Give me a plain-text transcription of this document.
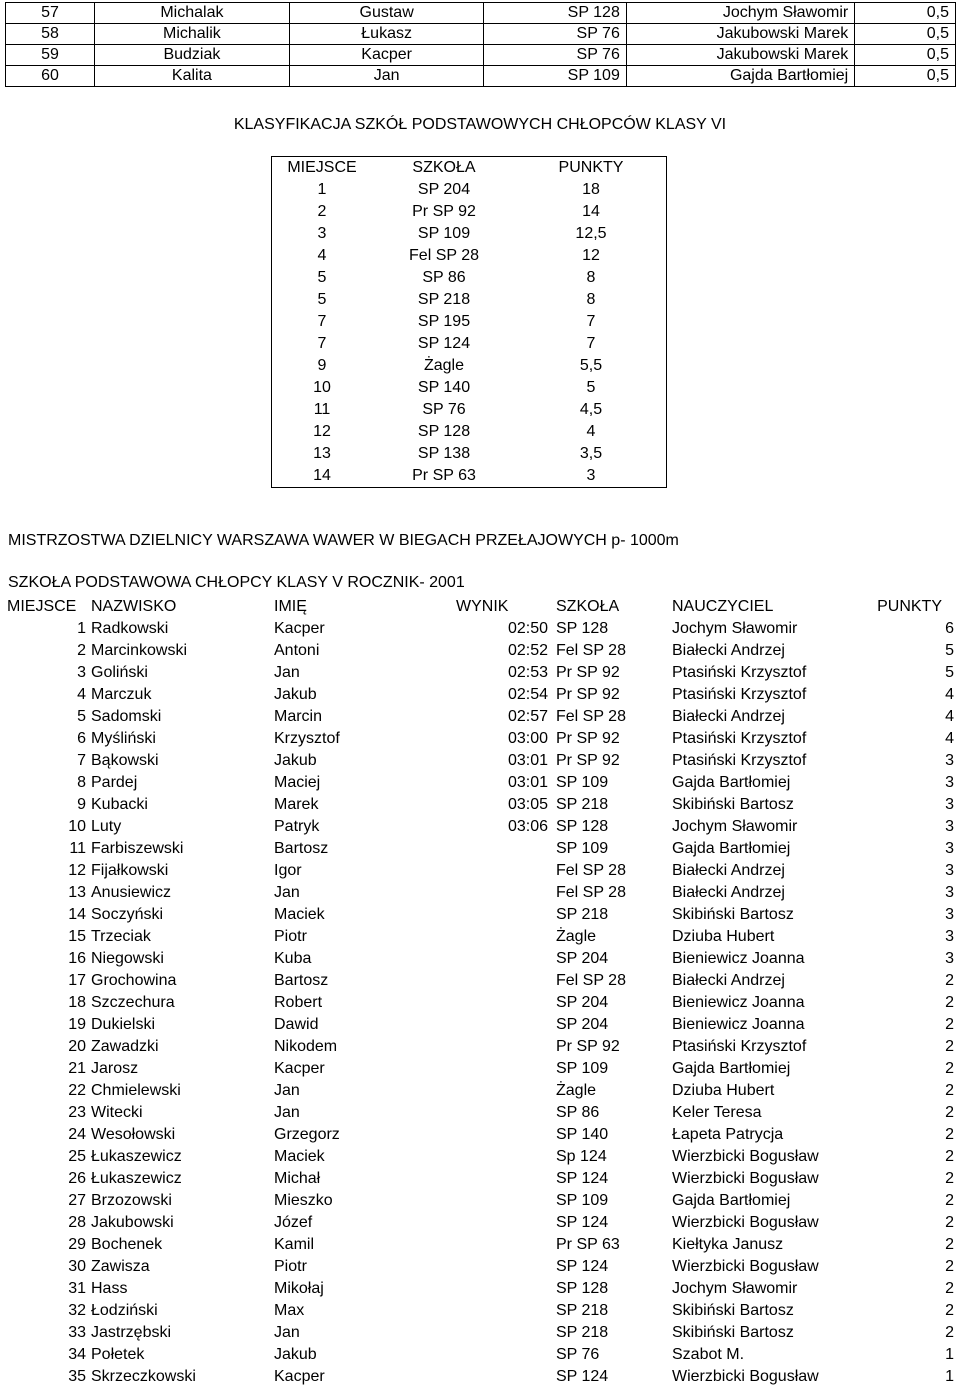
57	Michalak	Gustaw	SP 128	Jochym Sławomir	0,5
58	Michalik	Łukasz	SP 76	Jakubowski Marek	0,5
59	Budziak	Kacper	SP 76	Jakubowski Marek	0,5
60	Kalita	Jan	SP 109	Gajda Bartłomiej	0,5
KLASYFIKACJA SZKÓŁ PODSTAWOWYCH CHŁOPCÓW KLASY VI
MIEJSCE	SZKOŁA	PUNKTY
1	SP 204	18
2	Pr SP 92	14
3	SP 109	12,5
4	Fel SP 28	12
5	SP 86	8
5	SP 218	8
7	SP 195	7
7	SP 124	7
9	Żagle	5,5
10	SP 140	5
11	SP 76	4,5
12	SP 128	4
13	SP 138	3,5
14	Pr SP 63	3
MISTRZOSTWA DZIELNICY WARSZAWA WAWER W BIEGACH PRZEŁAJOWYCH p- 1000m
SZKOŁA PODSTAWOWA CHŁOPCY KLASY V ROCZNIK- 2001
MIEJSCE NAZWISKO	IMIĘ	WYNIK	SZKOŁA	NAUCZYCIEL	PUNKTY
1 Radkowski	Kacper	02:50 SP 128	Jochym Sławomir	6
2 Marcinkowski	Antoni	02:52 Fel SP 28	Białecki Andrzej	5
3 Goliński	Jan	02:53 Pr SP 92	Ptasiński Krzysztof	5
4 Marczuk	Jakub	02:54 Pr SP 92	Ptasiński Krzysztof	4
5 Sadomski	Marcin	02:57 Fel SP 28	Białecki Andrzej	4
6 Myśliński	Krzysztof	03:00 Pr SP 92	Ptasiński Krzysztof	4
7 Bąkowski	Jakub	03:01 Pr SP 92	Ptasiński Krzysztof	3
8 Pardej	Maciej	03:01 SP 109	Gajda Bartłomiej	3
9 Kubacki	Marek	03:05 SP 218	Skibiński Bartosz	3
10 Luty	Patryk	03:06 SP 128	Jochym Sławomir	3
11 Farbiszewski	Bartosz	SP 109	Gajda Bartłomiej	3
12 Fijałkowski	Igor	Fel SP 28	Białecki Andrzej	3
13 Anusiewicz	Jan	Fel SP 28	Białecki Andrzej	3
14 Soczyński	Maciek	SP 218	Skibiński Bartosz	3
15 Trzeciak	Piotr	Żagle	Dziuba Hubert	3
16 Niegowski	Kuba	SP 204	Bieniewicz Joanna	3
17 Grochowina	Bartosz	Fel SP 28	Białecki Andrzej	2
18 Szczechura	Robert	SP 204	Bieniewicz Joanna	2
19 Dukielski	Dawid	SP 204	Bieniewicz Joanna	2
20 Zawadzki	Nikodem	Pr SP 92	Ptasiński Krzysztof	2
21 Jarosz	Kacper	SP 109	Gajda Bartłomiej	2
22 Chmielewski	Jan	Żagle	Dziuba Hubert	2
23 Witecki	Jan	SP 86	Keler Teresa	2
24 Wesołowski	Grzegorz	SP 140	Łapeta Patrycja	2
25 Łukaszewicz	Maciek	Sp 124	Wierzbicki Bogusław	2
26 Łukaszewicz	Michał	SP 124	Wierzbicki Bogusław	2
27 Brzozowski	Mieszko	SP 109	Gajda Bartłomiej	2
28 Jakubowski	Józef	SP 124	Wierzbicki Bogusław	2
29 Bochenek	Kamil	Pr SP 63	Kiełtyka Janusz	2
30 Zawisza	Piotr	SP 124	Wierzbicki Bogusław	2
31 Hass	Mikołaj	SP 128	Jochym Sławomir	2
32 Łodziński	Max	SP 218	Skibiński Bartosz	2
33 Jastrzębski	Jan	SP 218	Skibiński Bartosz	2
34 Połetek	Jakub	SP 76	Szabot M.	1
35 Skrzeczkowski	Kacper	SP 124	Wierzbicki Bogusław	1
